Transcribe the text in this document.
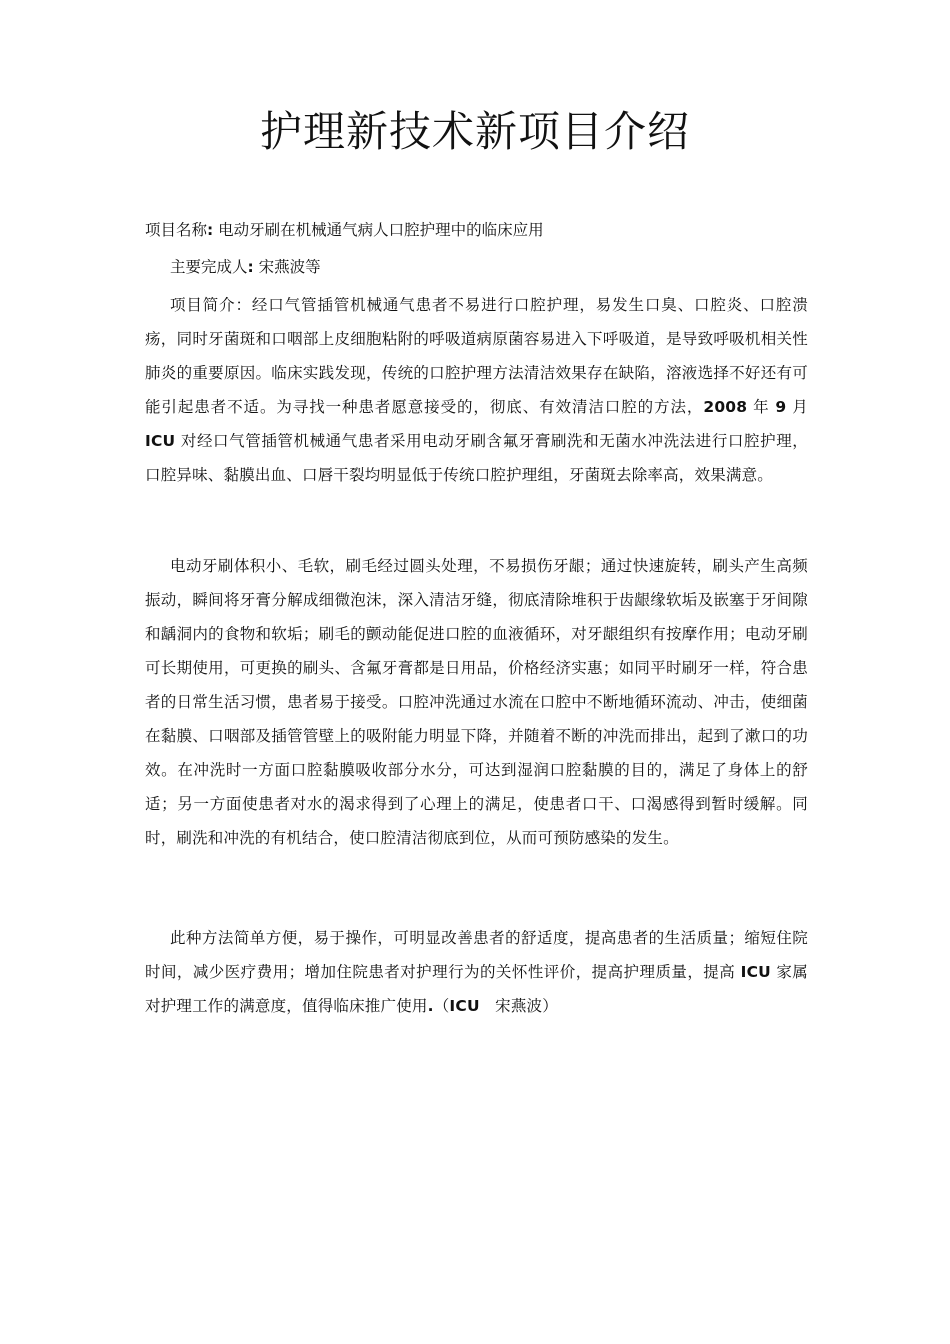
护理新技术新项目介绍
项目名称: 电动牙刷在机械通气病人口腔护理中的临床应用
主要完成人: 宋燕波等

项目简介：经口气管插管机械通气患者不易进行口腔护理，易发生口臭、口腔炎、口腔溃疡，同时牙菌斑和口咽部上皮细胞粘附的呼吸道病原菌容易进入下呼吸道，是导致呼吸机相关性肺炎的重要原因。临床实践发现，传统的口腔护理方法清洁效果存在缺陷，溶液选择不好还有可能引起患者不适。为寻找一种患者愿意接受的，彻底、有效清洁口腔的方法，2008 年 9 月 ICU 对经口气管插管机械通气患者采用电动牙刷含氟牙膏刷洗和无菌水冲洗法进行口腔护理，口腔异味、黏膜出血、口唇干裂均明显低于传统口腔护理组，牙菌斑去除率高，效果满意。

电动牙刷体积小、毛软，刷毛经过圆头处理，不易损伤牙龈；通过快速旋转，刷头产生高频振动，瞬间将牙膏分解成细微泡沫，深入清洁牙缝，彻底清除堆积于齿龈缘软垢及嵌塞于牙间隙和龋洞内的食物和软垢；刷毛的颤动能促进口腔的血液循环，对牙龈组织有按摩作用；电动牙刷可长期使用，可更换的刷头、含氟牙膏都是日用品，价格经济实惠；如同平时刷牙一样，符合患者的日常生活习惯，患者易于接受。口腔冲洗通过水流在口腔中不断地循环流动、冲击，使细菌在黏膜、口咽部及插管管壁上的吸附能力明显下降，并随着不断的冲洗而排出，起到了漱口的功效。在冲洗时一方面口腔黏膜吸收部分水分，可达到湿润口腔黏膜的目的，满足了身体上的舒适；另一方面使患者对水的渴求得到了心理上的满足，使患者口干、口渴感得到暂时缓解。同时，刷洗和冲洗的有机结合，使口腔清洁彻底到位，从而可预防感染的发生。

此种方法简单方便，易于操作，可明显改善患者的舒适度，提高患者的生活质量；缩短住院时间，减少医疗费用；增加住院患者对护理行为的关怀性评价，提高护理质量，提高 ICU 家属对护理工作的满意度，值得临床推广使用.（ICU 宋燕波）
